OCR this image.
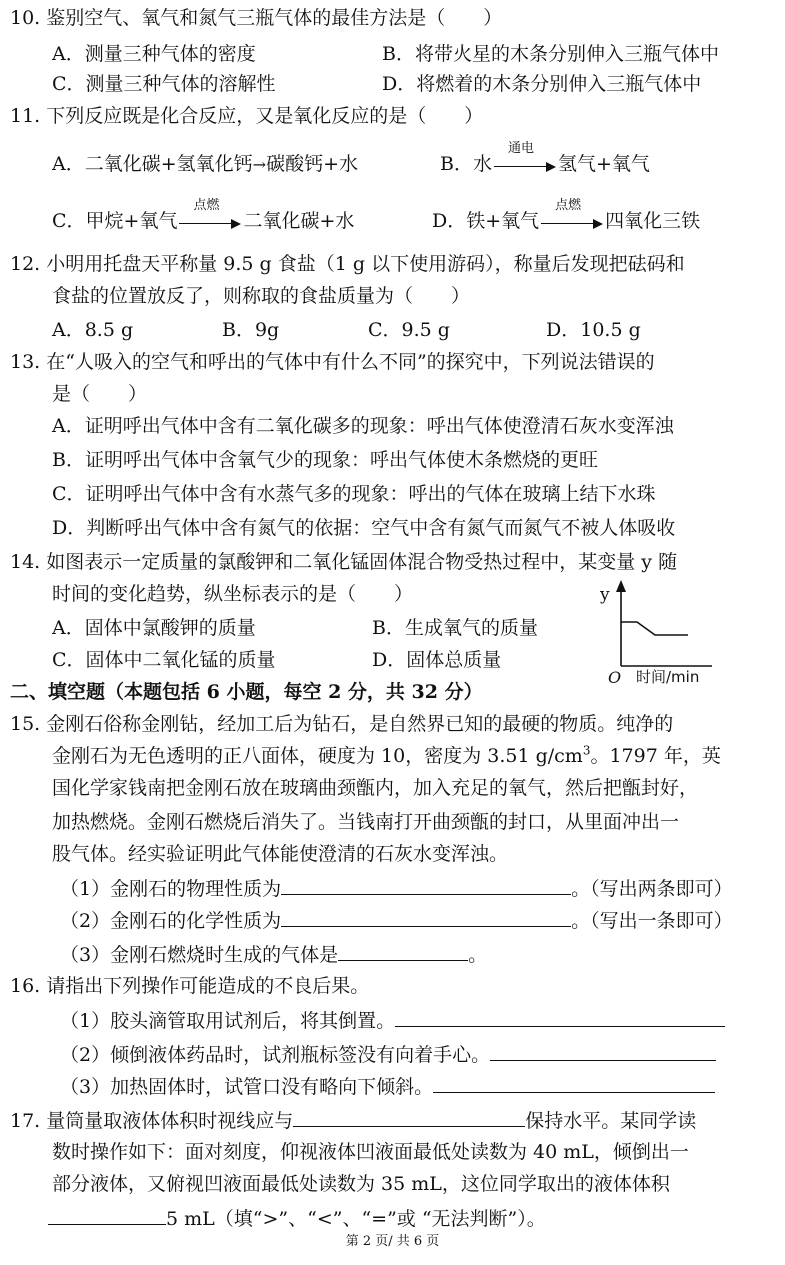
10. 鉴别空气、氧气和氮气三瓶气体的最佳方法是（　　）
A．测量三种气体的密度	B．将带火星的木条分别伸入三瓶气体中
C．测量三种气体的溶解性	D．将燃着的木条分别伸入三瓶气体中
11. 下列反应既是化合反应，又是氧化反应的是（　　）
A．二氧化碳+氢氧化钙→碳酸钙+水	B．水
通电
氢气+氧气
C．甲烷+氧气
点燃
二氧化碳+水	D．铁+氧气
点燃
四氧化三铁
12. 小明用托盘天平称量 9.5 g 食盐（1 g 以下使用游码），称量后发现把砝码和
食盐的位置放反了，则称取的食盐质量为（　　）
A．8.5 g	B．9g	C．9.5 g	D．10.5 g
13. 在“人吸入的空气和呼出的气体中有什么不同”的探究中，下列说法错误的
是（　　）
A．证明呼出气体中含有二氧化碳多的现象：呼出气体使澄清石灰水变浑浊
B．证明呼出气体中含氧气少的现象：呼出气体使木条燃烧的更旺
C．证明呼出气体中含有水蒸气多的现象：呼出的气体在玻璃上结下水珠
D．判断呼出气体中含有氮气的依据：空气中含有氮气而氮气不被人体吸收
14. 如图表示一定质量的氯酸钾和二氧化锰固体混合物受热过程中，某变量 y 随
时间的变化趋势，纵坐标表示的是（　　）
A．固体中氯酸钾的质量	B．生成氧气的质量
C．固体中二氧化锰的质量	D．固体总质量
y
O 时间/min
二、填空题（本题包括 6 小题，每空 2 分，共 32 分）
15. 金刚石俗称金刚钻，经加工后为钻石，是自然界已知的最硬的物质。纯净的
金刚石为无色透明的正八面体，硬度为 10，密度为 3.51 $g/cm^3$。1797 年，英
国化学家钱南把金刚石放在玻璃曲颈甑内，加入充足的氧气，然后把甑封好，
加热燃烧。金刚石燃烧后消失了。当钱南打开曲颈甑的封口，从里面冲出一
股气体。经实验证明此气体能使澄清的石灰水变浑浊。
（1）金刚石的物理性质为	。（写出两条即可）
（2）金刚石的化学性质为	。（写出一条即可）
（3）金刚石燃烧时生成的气体是	。
16. 请指出下列操作可能造成的不良后果。
（1）胶头滴管取用试剂后，将其倒置。
（2）倾倒液体药品时，试剂瓶标签没有向着手心。
（3）加热固体时，试管口没有略向下倾斜。
17. 量筒量取液体体积时视线应与	保持水平。某同学读
数时操作如下：面对刻度，仰视液体凹液面最低处读数为 40 mL，倾倒出一
部分液体，又俯视凹液面最低处读数为 35 mL，这位同学取出的液体体积
5 mL（填“>”、“<”、“=”或 “无法判断”）。
第 2 页/ 共 6 页
